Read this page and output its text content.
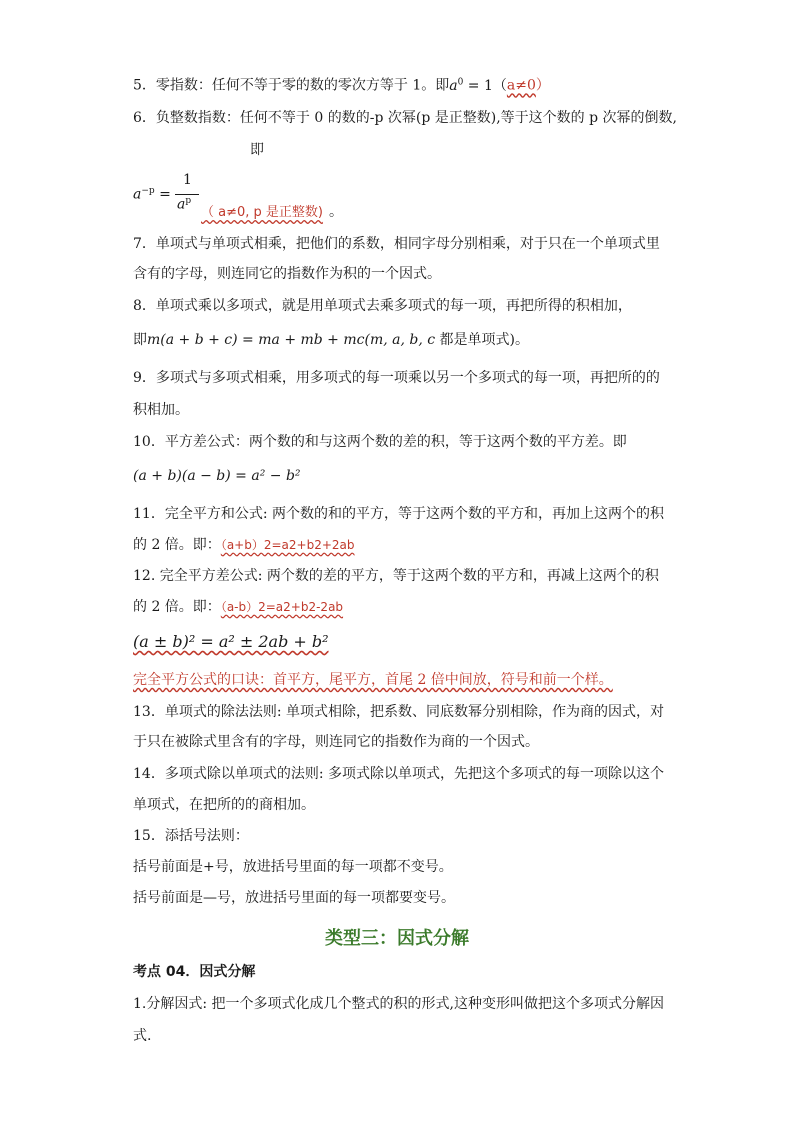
5．零指数：任何不等于零的数的零次方等于 1。即$a^0 = 1(a\ne 0)$
6．负整数指数：任何不等于 0 的数的-p 次幂(p 是正整数),等于这个数的 p 次幂的倒数,
即
$a^{-p}$ =
1
$a^p$
（ a≠0, p 是正整数) 。
7．单项式与单项式相乘，把他们的系数，相同字母分别相乘，对于只在一个单项式里
含有的字母，则连同它的指数作为积的一个因式。
8．单项式乘以多项式，就是用单项式去乘多项式的每一项，再把所得的积相加，
即m(a + b + c) = ma + mb + mc(m, a, b, c 都是单项式)。
9．多项式与多项式相乘，用多项式的每一项乘以另一个多项式的每一项，再把所的的
积相加。
10．平方差公式：两个数的和与这两个数的差的积，等于这两个数的平方差。即
(a + b)(a − b) = a² − b²
11．完全平方和公式: 两个数的和的平方，等于这两个数的平方和，再加上这两个的积
的 2 倍。即：（a+b）2=a2+b2+2ab
12. 完全平方差公式: 两个数的差的平方，等于这两个数的平方和，再减上这两个的积
的 2 倍。即：（a-b）2=a2+b2-2ab
(a ± b)² = a² ± 2ab + b²
完全平方公式的口诀：首平方，尾平方，首尾 2 倍中间放，符号和前一个样。
13．单项式的除法法则: 单项式相除，把系数、同底数幂分别相除，作为商的因式，对
于只在被除式里含有的字母，则连同它的指数作为商的一个因式。
14．多项式除以单项式的法则: 多项式除以单项式，先把这个多项式的每一项除以这个
单项式，在把所的的商相加。
15．添括号法则：
括号前面是+号，放进括号里面的每一项都不变号。
括号前面是—号，放进括号里面的每一项都要变号。
类型三：因式分解
考点 04．因式分解
1.分解因式: 把一个多项式化成几个整式的积的形式,这种变形叫做把这个多项式分解因
式.
